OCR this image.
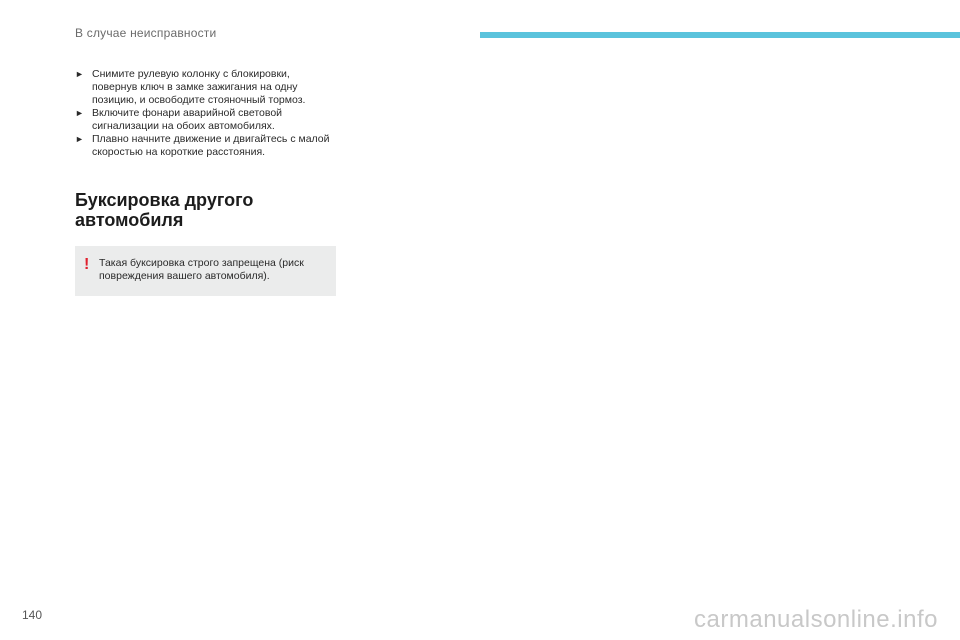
В случае неисправности
► Снимите рулевую колонку с блокировки,
повернув ключ в замке зажигания на одну
позицию, и освободите стояночный тормоз.
► Включите фонари аварийной световой
сигнализации на обоих автомобилях.
► Плавно начните движение и двигайтесь с малой
скоростью на короткие расстояния.
Буксировка другого
автомобиля
! Такая буксировка строго запрещена (риск
повреждения вашего автомобиля).
140	carmanualsonline.info
